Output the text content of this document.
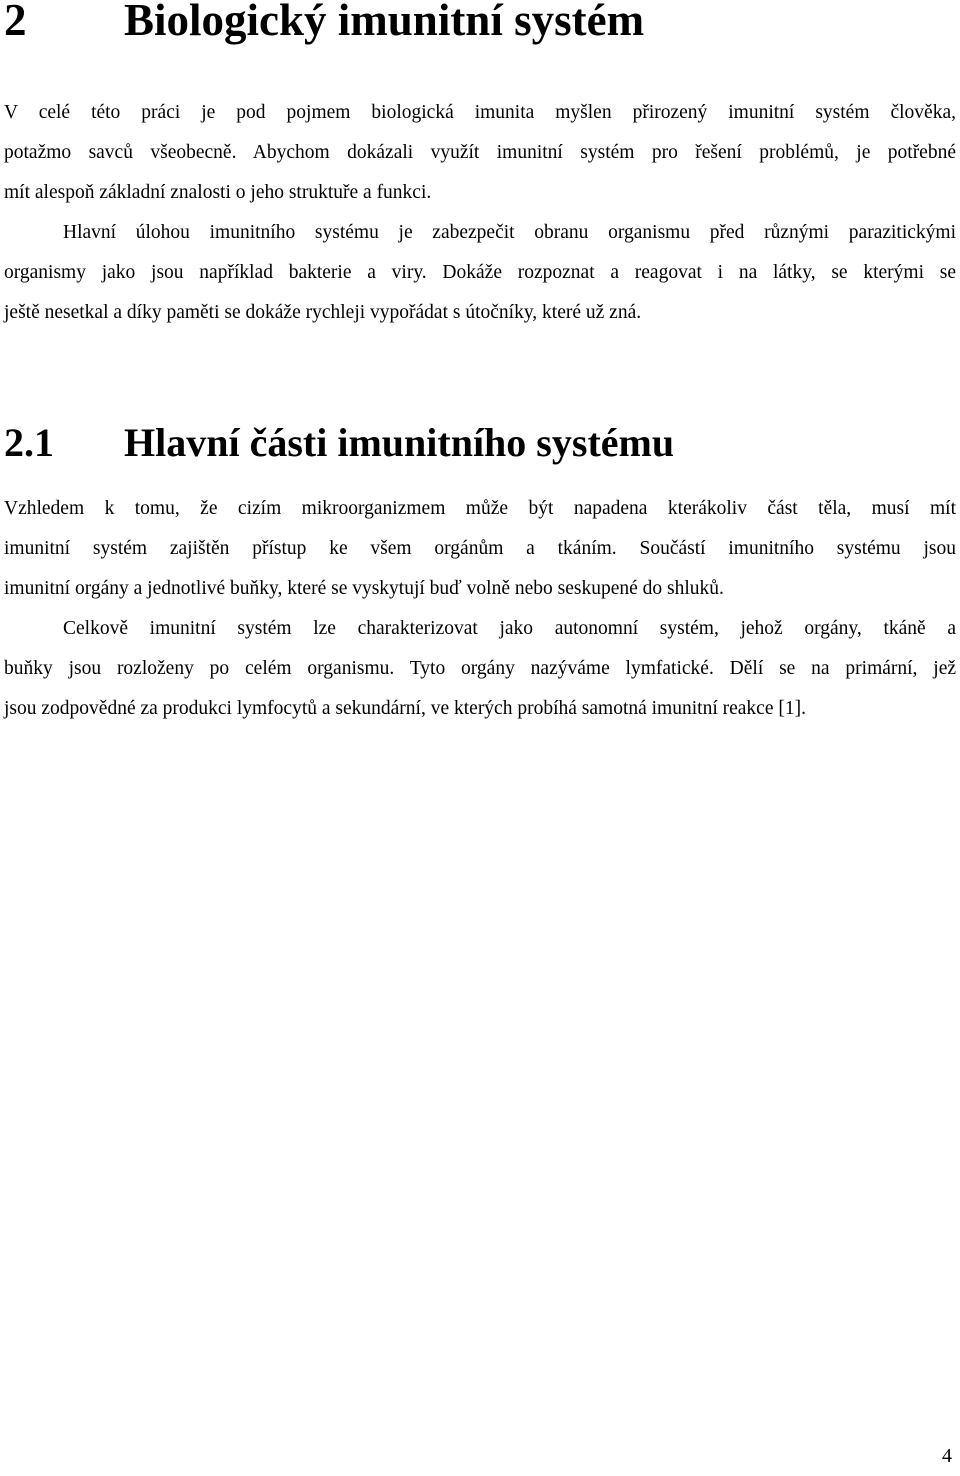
2 Biologický imunitní systém

V celé této práci je pod pojmem biologická imunita myšlen přirozený imunitní systém člověka,
potažmo savců všeobecně. Abychom dokázali využít imunitní systém pro řešení problémů, je potřebné
mít alespoň základní znalosti o jeho struktuře a funkci.

Hlavní úlohou imunitního systému je zabezpečit obranu organismu před různými parazitickými
organismy jako jsou například bakterie a viry. Dokáže rozpoznat a reagovat i na látky, se kterými se
ještě nesetkal a díky paměti se dokáže rychleji vypořádat s útočníky, které už zná.

2.1 Hlavní části imunitního systému

Vzhledem k tomu, že cizím mikroorganizmem může být napadena kterákoliv část těla, musí mít
imunitní systém zajištěn přístup ke všem orgánům a tkáním. Součástí imunitního systému jsou
imunitní orgány a jednotlivé buňky, které se vyskytují buď volně nebo seskupené do shluků.

Celkově imunitní systém lze charakterizovat jako autonomní systém, jehož orgány, tkáně a
buňky jsou rozloženy po celém organismu. Tyto orgány nazýváme lymfatické. Dělí se na primární, jež
jsou zodpovědné za produkci lymfocytů a sekundární, ve kterých probíhá samotná imunitní reakce [1].

4
